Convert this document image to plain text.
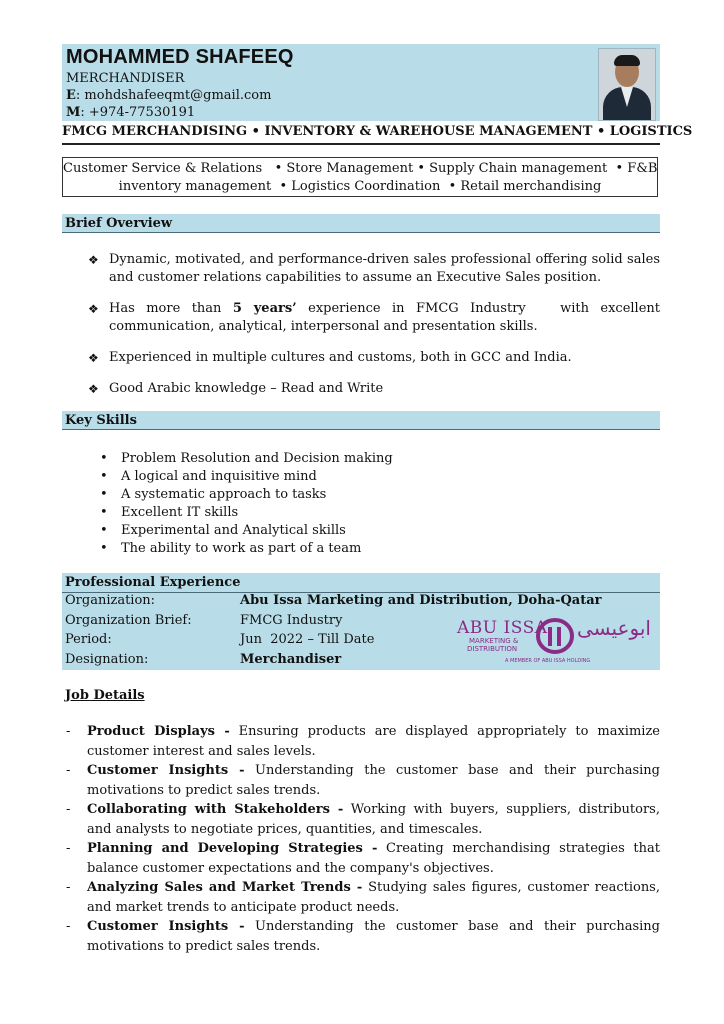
MOHAMMED SHAFEEQ
MERCHANDISER
E: mohdshafeeqmt@gmail.com
M: +974-77530191
FMCG MERCHANDISING • INVENTORY & WAREHOUSE MANAGEMENT • LOGISTICS
Customer Service & Relations   • Store Management • Supply Chain management  • F&B
inventory management  • Logistics Coordination  • Retail merchandising
Brief Overview
❖ Dynamic, motivated, and performance-driven sales professional offering solid sales and customer relations capabilities to assume an Executive Sales position.
❖ Has more than 5 years’ experience in FMCG Industry   with excellent communication, analytical, interpersonal and presentation skills.
❖ Experienced in multiple cultures and customs, both in GCC and India.
❖ Good Arabic knowledge – Read and Write
Key Skills
• Problem Resolution and Decision making
• A logical and inquisitive mind
• A systematic approach to tasks
• Excellent IT skills
• Experimental and Analytical skills
• The ability to work as part of a team
Professional Experience
Organization:	Abu Issa Marketing and Distribution, Doha-Qatar
Organization Brief:	FMCG Industry
Period:	Jun  2022 – Till Date
Designation:	Merchandiser
ABU ISSA
MARKETING &
DISTRIBUTION
ابوعيسى
A MEMBER OF ABU ISSA HOLDING
Job Details
- Product Displays - Ensuring products are displayed appropriately to maximize customer interest and sales levels.
- Customer Insights - Understanding the customer base and their purchasing motivations to predict sales trends.
- Collaborating with Stakeholders - Working with buyers, suppliers, distributors, and analysts to negotiate prices, quantities, and timescales.
- Planning and Developing Strategies - Creating merchandising strategies that balance customer expectations and the company's objectives.
- Analyzing Sales and Market Trends - Studying sales figures, customer reactions, and market trends to anticipate product needs.
- Customer Insights - Understanding the customer base and their purchasing motivations to predict sales trends.
